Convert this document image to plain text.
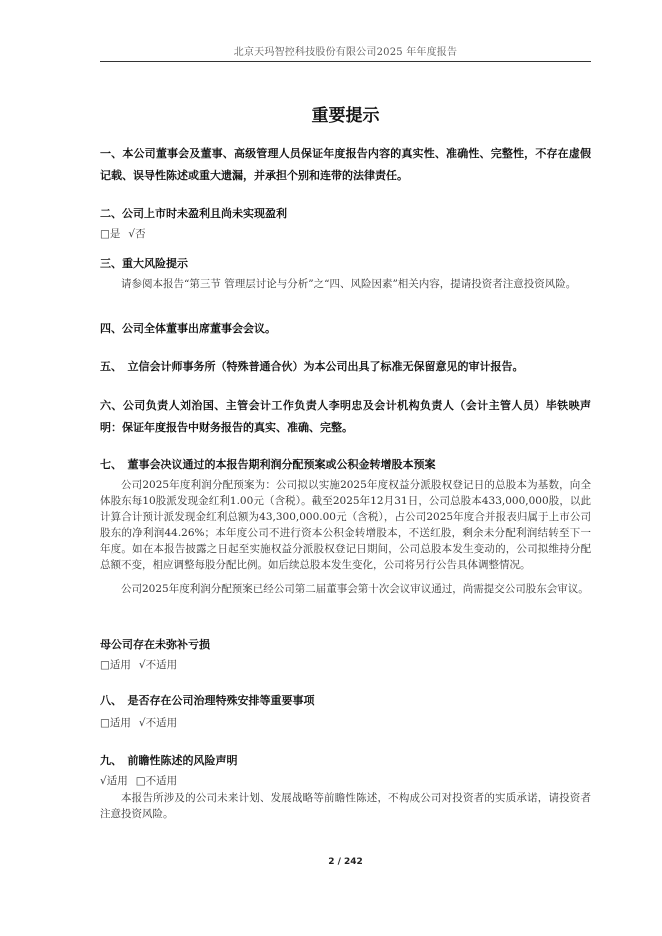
北京天玛智控科技股份有限公司2025 年年度报告
重要提示
一、本公司董事会及董事、高级管理人员保证年度报告内容的真实性、准确性、完整性，不存在虚假记载、误导性陈述或重大遗漏，并承担个别和连带的法律责任。
二、公司上市时未盈利且尚未实现盈利
□是 √否
三、重大风险提示
请参阅本报告“第三节 管理层讨论与分析”之“四、风险因素”相关内容，提请投资者注意投资风险。
四、公司全体董事出席董事会会议。
五、　立信会计师事务所（特殊普通合伙）为本公司出具了标准无保留意见的审计报告。
六、公司负责人刘治国、主管会计工作负责人李明忠及会计机构负责人（会计主管人员）毕铁映声明：保证年度报告中财务报告的真实、准确、完整。
七、　董事会决议通过的本报告期利润分配预案或公积金转增股本预案
公司2025年度利润分配预案为：公司拟以实施2025年度权益分派股权登记日的总股本为基数，向全体股东每10股派发现金红利1.00元（含税）。截至2025年12月31日，公司总股本433,000,000股，以此计算合计预计派发现金红利总额为43,300,000.00元（含税），占公司2025年度合并报表归属于上市公司股东的净利润44.26%；本年度公司不进行资本公积金转增股本，不送红股，剩余未分配利润结转至下一年度。如在本报告披露之日起至实施权益分派股权登记日期间，公司总股本发生变动的，公司拟维持分配总额不变，相应调整每股分配比例。如后续总股本发生变化，公司将另行公告具体调整情况。
公司2025年度利润分配预案已经公司第二届董事会第十次会议审议通过，尚需提交公司股东会审议。
母公司存在未弥补亏损
□适用 √不适用
八、　是否存在公司治理特殊安排等重要事项
□适用 √不适用
九、　前瞻性陈述的风险声明
√适用 □不适用
本报告所涉及的公司未来计划、发展战略等前瞻性陈述，不构成公司对投资者的实质承诺，请投资者注意投资风险。
2 / 242
